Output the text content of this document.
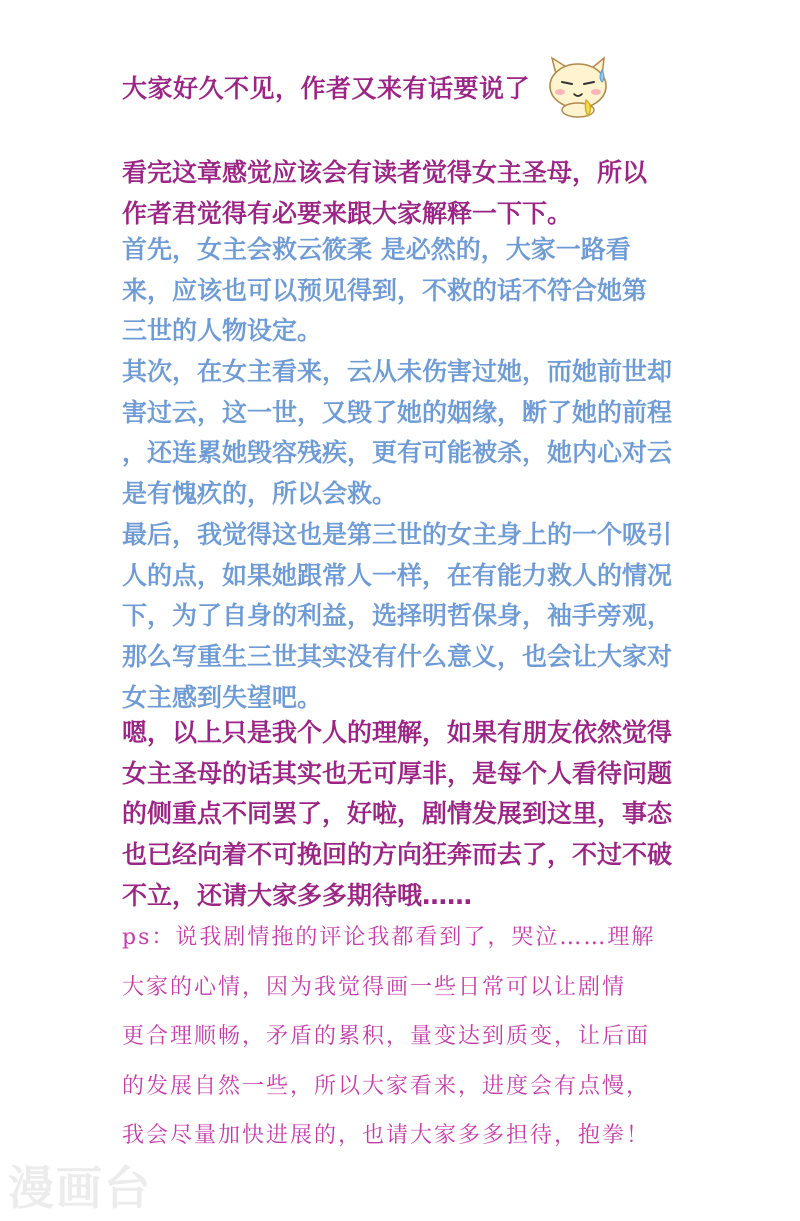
大家好久不见，作者又来有话要说了
看完这章感觉应该会有读者觉得女主圣母，所以
作者君觉得有必要来跟大家解释一下下。
首先，女主会救云筱柔 是必然的，大家一路看
来，应该也可以预见得到，不救的话不符合她第
三世的人物设定。
其次，在女主看来，云从未伤害过她，而她前世却
害过云，这一世，又毁了她的姻缘，断了她的前程
，还连累她毁容残疾，更有可能被杀，她内心对云
是有愧疚的，所以会救。
最后，我觉得这也是第三世的女主身上的一个吸引
人的点，如果她跟常人一样，在有能力救人的情况
下，为了自身的利益，选择明哲保身，袖手旁观，
那么写重生三世其实没有什么意义，也会让大家对
女主感到失望吧。
嗯，以上只是我个人的理解，如果有朋友依然觉得
女主圣母的话其实也无可厚非，是每个人看待问题
的侧重点不同罢了，好啦，剧情发展到这里，事态
也已经向着不可挽回的方向狂奔而去了，不过不破
不立，还请大家多多期待哦……
ps：说我剧情拖的评论我都看到了，哭泣……理解
大家的心情，因为我觉得画一些日常可以让剧情
更合理顺畅，矛盾的累积，量变达到质变，让后面
的发展自然一些，所以大家看来，进度会有点慢，
我会尽量加快进展的，也请大家多多担待，抱拳！
漫画台
